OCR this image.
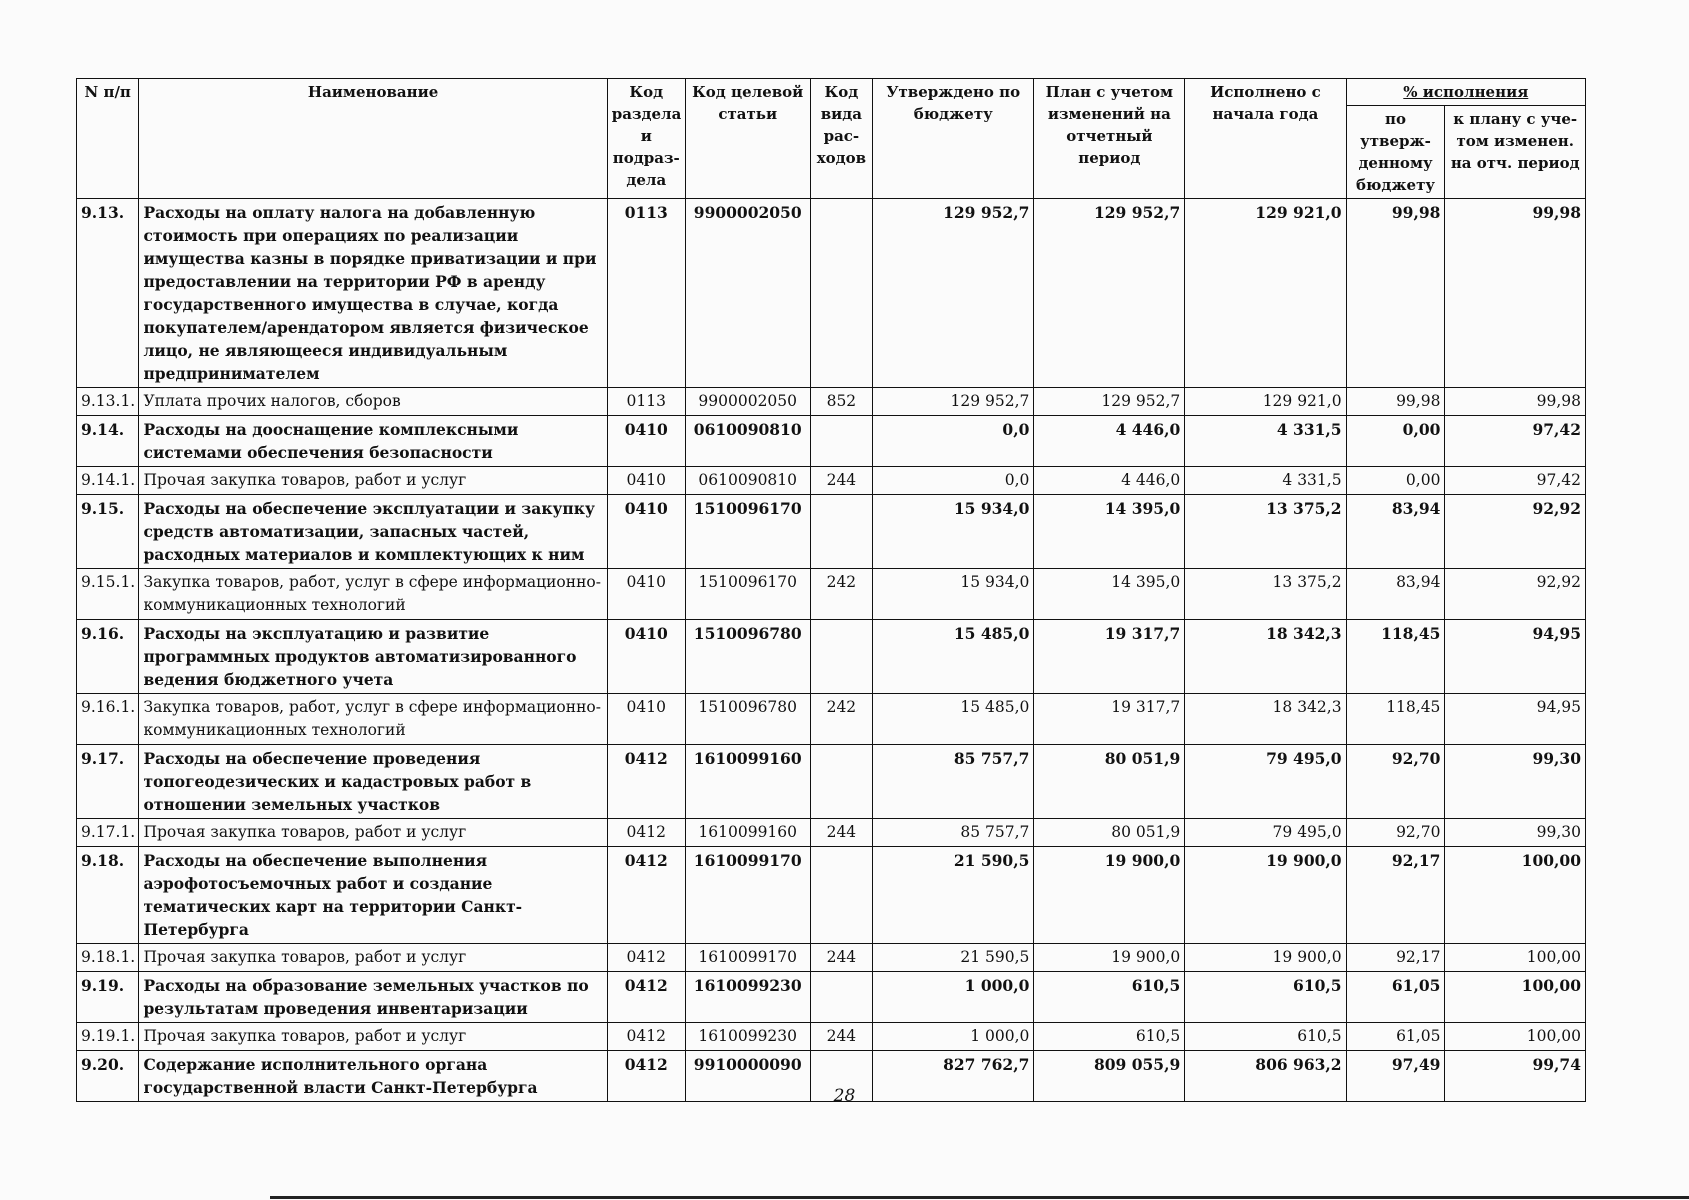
N п/п	Наименование	Код раздела и подраз- дела	Код целевой статьи	Код вида рас- ходов	Утверждено по бюджету	План с учетом изменений на отчетный период	Исполнено с начала года	% исполнения	
								по утверж- денному бюджету	к плану с уче- том изменен. на отч. период
9.13.	Расходы на оплату налога на добавленную стоимость при операциях по реализации имущества казны в порядке приватизации и при предоставлении на территории РФ в аренду государственного имущества в случае, когда покупателем/арендатором является физическое лицо, не являющееся индивидуальным предпринимателем	0113	9900002050		129 952,7	129 952,7	129 921,0	99,98	99,98
9.13.1.	Уплата прочих налогов, сборов	0113	9900002050	852	129 952,7	129 952,7	129 921,0	99,98	99,98
9.14.	Расходы на дооснащение комплексными системами обеспечения безопасности	0410	0610090810		0,0	4 446,0	4 331,5	0,00	97,42
9.14.1.	Прочая закупка товаров, работ и услуг	0410	0610090810	244	0,0	4 446,0	4 331,5	0,00	97,42
9.15.	Расходы на обеспечение эксплуатации и закупку средств автоматизации, запасных частей, расходных материалов и комплектующих к ним	0410	1510096170		15 934,0	14 395,0	13 375,2	83,94	92,92
9.15.1.	Закупка товаров, работ, услуг в сфере информационно-коммуникационных технологий	0410	1510096170	242	15 934,0	14 395,0	13 375,2	83,94	92,92
9.16.	Расходы на эксплуатацию и развитие программных продуктов автоматизированного ведения бюджетного учета	0410	1510096780		15 485,0	19 317,7	18 342,3	118,45	94,95
9.16.1.	Закупка товаров, работ, услуг в сфере информационно-коммуникационных технологий	0410	1510096780	242	15 485,0	19 317,7	18 342,3	118,45	94,95
9.17.	Расходы на обеспечение проведения топогеодезических и кадастровых работ в отношении земельных участков	0412	1610099160		85 757,7	80 051,9	79 495,0	92,70	99,30
9.17.1.	Прочая закупка товаров, работ и услуг	0412	1610099160	244	85 757,7	80 051,9	79 495,0	92,70	99,30
9.18.	Расходы на обеспечение выполнения аэрофотосъемочных работ и создание тематических карт на территории Санкт-Петербурга	0412	1610099170		21 590,5	19 900,0	19 900,0	92,17	100,00
9.18.1.	Прочая закупка товаров, работ и услуг	0412	1610099170	244	21 590,5	19 900,0	19 900,0	92,17	100,00
9.19.	Расходы на образование земельных участков по результатам проведения инвентаризации	0412	1610099230		1 000,0	610,5	610,5	61,05	100,00
9.19.1.	Прочая закупка товаров, работ и услуг	0412	1610099230	244	1 000,0	610,5	610,5	61,05	100,00
9.20.	Содержание исполнительного органа государственной власти Санкт-Петербурга	0412	9910000090		827 762,7	809 055,9	806 963,2	97,49	99,74
28
